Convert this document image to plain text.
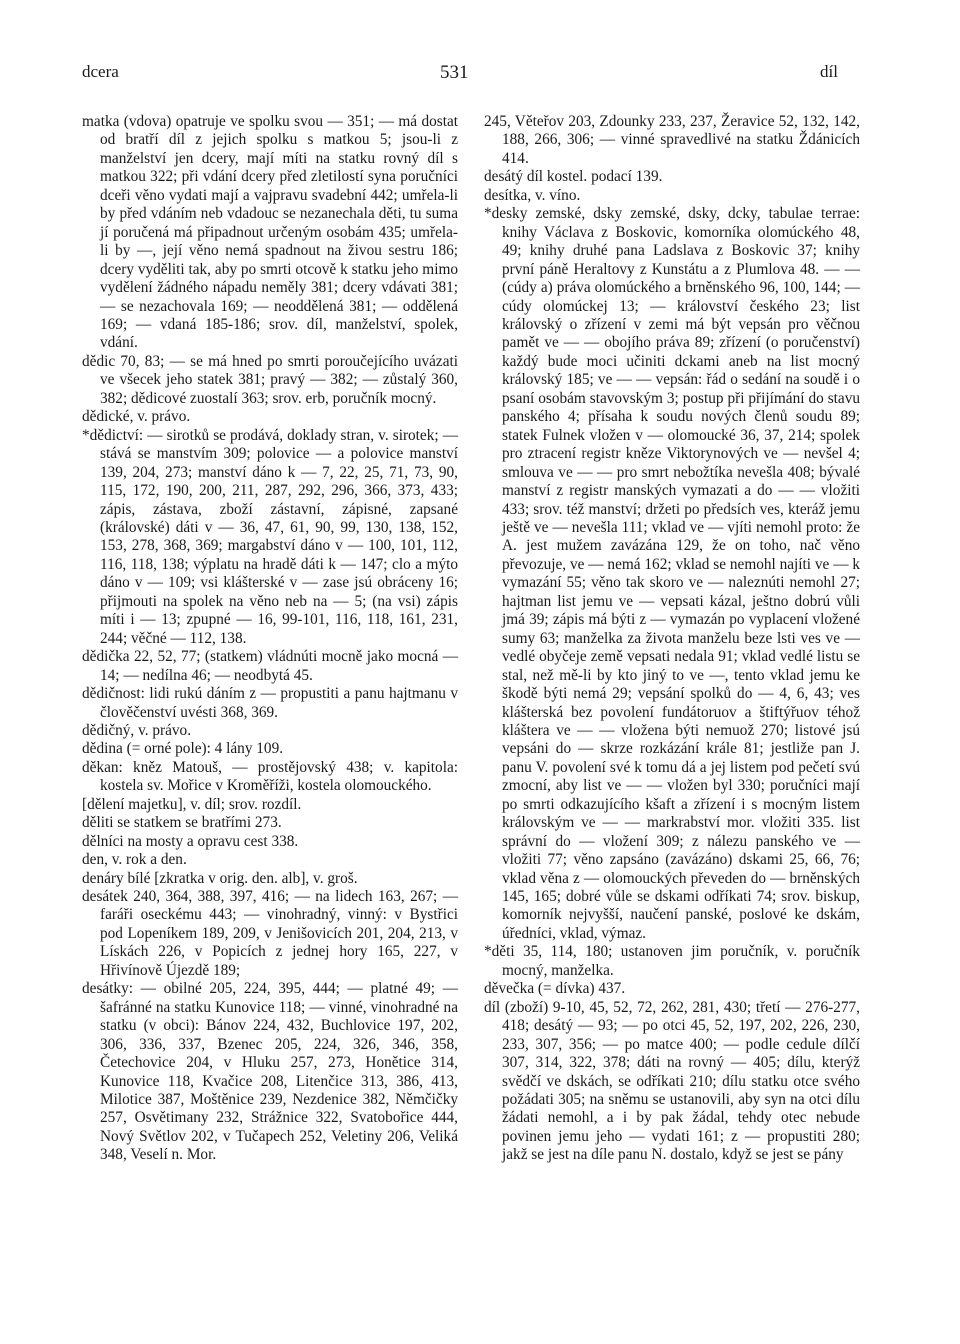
dcera	531	díl

matka (vdova) opatruje ve spolku svou — 351; — má dostat od bratří díl z jejich spolku s matkou 5; jsou-li z manželství jen dcery, mají míti na statku rovný díl s matkou 322; při vdání dcery před zletilostí syna poručníci dceři věno vydati mají a vajpravu svadební 442; umřela-li by před vdáním neb vdadouc se nezanechala děti, tu suma jí poručená má připadnout určeným osobám 435; umřela-li by —, její věno nemá spadnout na živou sestru 186; dcery vyděliti tak, aby po smrti otcově k statku jeho mimo vydělení žádného nápadu neměly 381; dcery vdávati 381; — se nezachovala 169; — neoddělená 381; — oddělená 169; — vdaná 185-186; srov. díl, manželství, spolek, vdání.

dědic 70, 83; — se má hned po smrti poroučejícího uvázati ve všecek jeho statek 381; pravý — 382; — zůstalý 360, 382; dědicové zuostalí 363; srov. erb, poručník mocný.

dědické, v. právo.

*dědictví: — sirotků se prodává, doklady stran, v. sirotek; — stává se manstvím 309; polovice — a polovice manství 139, 204, 273; manství dáno k — 7, 22, 25, 71, 73, 90, 115, 172, 190, 200, 211, 287, 292, 296, 366, 373, 433; zápis, zástava, zboží zástavní, zápisné, zapsané (královské) dáti v — 36, 47, 61, 90, 99, 130, 138, 152, 153, 278, 368, 369; margabství dáno v — 100, 101, 112, 116, 118, 138; výplatu na hradě dáti k — 147; clo a mýto dáno v — 109; vsi klášterské v — zase jsú obráceny 16; přijmouti na spolek na věno neb na — 5; (na vsi) zápis míti i — 13; zpupné — 16, 99-101, 116, 118, 161, 231, 244; věčné — 112, 138.

dědička 22, 52, 77; (statkem) vládnúti mocně jako mocná — 14; — nedílna 46; — neodbytá 45.

dědičnost: lidi rukú dáním z — propustiti a panu hajtmanu v člověčenství uvésti 368, 369.

dědičný, v. právo.

dědina (= orné pole): 4 lány 109.

děkan: kněz Matouš, — prostějovský 438; v. kapitola: kostela sv. Mořice v Kroměříži, kostela olomouckého.

[dělení majetku], v. díl; srov. rozdíl.

děliti se statkem se bratřími 273.

dělníci na mosty a opravu cest 338.

den, v. rok a den.

denáry bílé [zkratka v orig. den. alb], v. groš.

desátek 240, 364, 388, 397, 416; — na lidech 163, 267; — faráři oseckému 443; — vinohradný, vinný: v Bystřici pod Lopeníkem 189, 209, v Jenišovicích 201, 204, 213, v Lískách 226, v Popicích z jednej hory 165, 227, v Hřivínově Újezdě 189;

desátky: — obilné 205, 224, 395, 444; — platné 49; — šafránné na statku Kunovice 118; — vinné, vinohradné na statku (v obci): Bánov 224, 432, Buchlovice 197, 202, 306, 336, 337, Bzenec 205, 224, 326, 346, 358, Četechovice 204, v Hluku 257, 273, Honětice 314, Kunovice 118, Kvačice 208, Litenčice 313, 386, 413, Milotice 387, Moštěnice 239, Nezdenice 382, Němčičky 257, Osvětimany 232, Strážnice 322, Svatobořice 444, Nový Světlov 202, v Tučapech 252, Veletiny 206, Veliká 348, Veselí n. Mor.

245, Věteřov 203, Zdounky 233, 237, Žeravice 52, 132, 142, 188, 266, 306; — vinné spravedlivé na statku Ždánicích 414.

desátý díl kostel. podací 139.

desítka, v. víno.

*desky zemské, dsky zemské, dsky, dcky, tabulae terrae: knihy Václava z Boskovic, komorníka olomúckého 48, 49; knihy druhé pana Ladslava z Boskovic 37; knihy první páně Heraltovy z Kunstátu a z Plumlova 48. — — (cúdy a) práva olomúckého a brněnského 96, 100, 144; — cúdy olomúckej 13; — království českého 23; list královský o zřízení v zemi má být vepsán pro věčnou pamět ve — — obojího práva 89; zřízení (o poručenství) každý bude moci učiniti dckami aneb na list mocný královský 185; ve — — vepsán: řád o sedání na soudě i o psaní osobám stavovským 3; postup při přijímání do stavu panského 4; přísaha k soudu nových členů soudu 89; statek Fulnek vložen v — olomoucké 36, 37, 214; spolek pro ztracení registr kněze Viktorynových ve — nevšel 4; smlouva ve — — pro smrt nebožtíka nevešla 408; bývalé manství z registr manských vymazati a do — — vložiti 433; srov. též manství; držeti po předsích ves, kteráž jemu ještě ve — nevešla 111; vklad ve — vjíti nemohl proto: že A. jest mužem zavázána 129, že on toho, nač věno převozuje, ve — nemá 162; vklad se nemohl najíti ve — k vymazání 55; věno tak skoro ve — naleznúti nemohl 27; hajtman list jemu ve — vepsati kázal, ještno dobrú vůli jmá 39; zápis má býti z — vymazán po vyplacení vložené sumy 63; manželka za života manželu beze lsti ves ve — vedlé obyčeje země vepsati nedala 91; vklad vedlé listu se stal, než mě-li by kto jiný to ve —, tento vklad jemu ke škodě býti nemá 29; vepsání spolků do — 4, 6, 43; ves klášterská bez povolení fundátoruov a štiftýřuov téhož kláštera ve — — vložena býti nemuož 270; listové jsú vepsáni do — skrze rozkázání krále 81; jestliže pan J. panu V. povolení své k tomu dá a jej listem pod pečetí svú zmocní, aby list ve — — vložen byl 330; poručníci mají po smrti odkazujícího kšaft a zřízení i s mocným listem královským ve — — markrabství mor. vložiti 335. list správní do — vložení 309; z nálezu panského ve — vložiti 77; věno zapsáno (zavázáno) dskami 25, 66, 76; vklad věna z — olomouckých převeden do — brněnských 145, 165; dobré vůle se dskami odříkati 74; srov. biskup, komorník nejvyšší, naučení panské, poslové ke dskám, úředníci, vklad, výmaz.

*děti 35, 114, 180; ustanoven jim poručník, v. poručník mocný, manželka.

děvečka (= dívka) 437.

díl (zboží) 9-10, 45, 52, 72, 262, 281, 430; třetí — 276-277, 418; desátý — 93; — po otci 45, 52, 197, 202, 226, 230, 233, 307, 356; — po matce 400; — podle cedule dílčí 307, 314, 322, 378; dáti na rovný — 405; dílu, kterýž svědčí ve dskách, se odříkati 210; dílu statku otce svého požádati 305; na sněmu se ustanovili, aby syn na otci dílu žádati nemohl, a i by pak žádal, tehdy otec nebude povinen jemu jeho — vydati 161; z — propustiti 280; jakž se jest na díle panu N. dostalo, když se jest se pány
